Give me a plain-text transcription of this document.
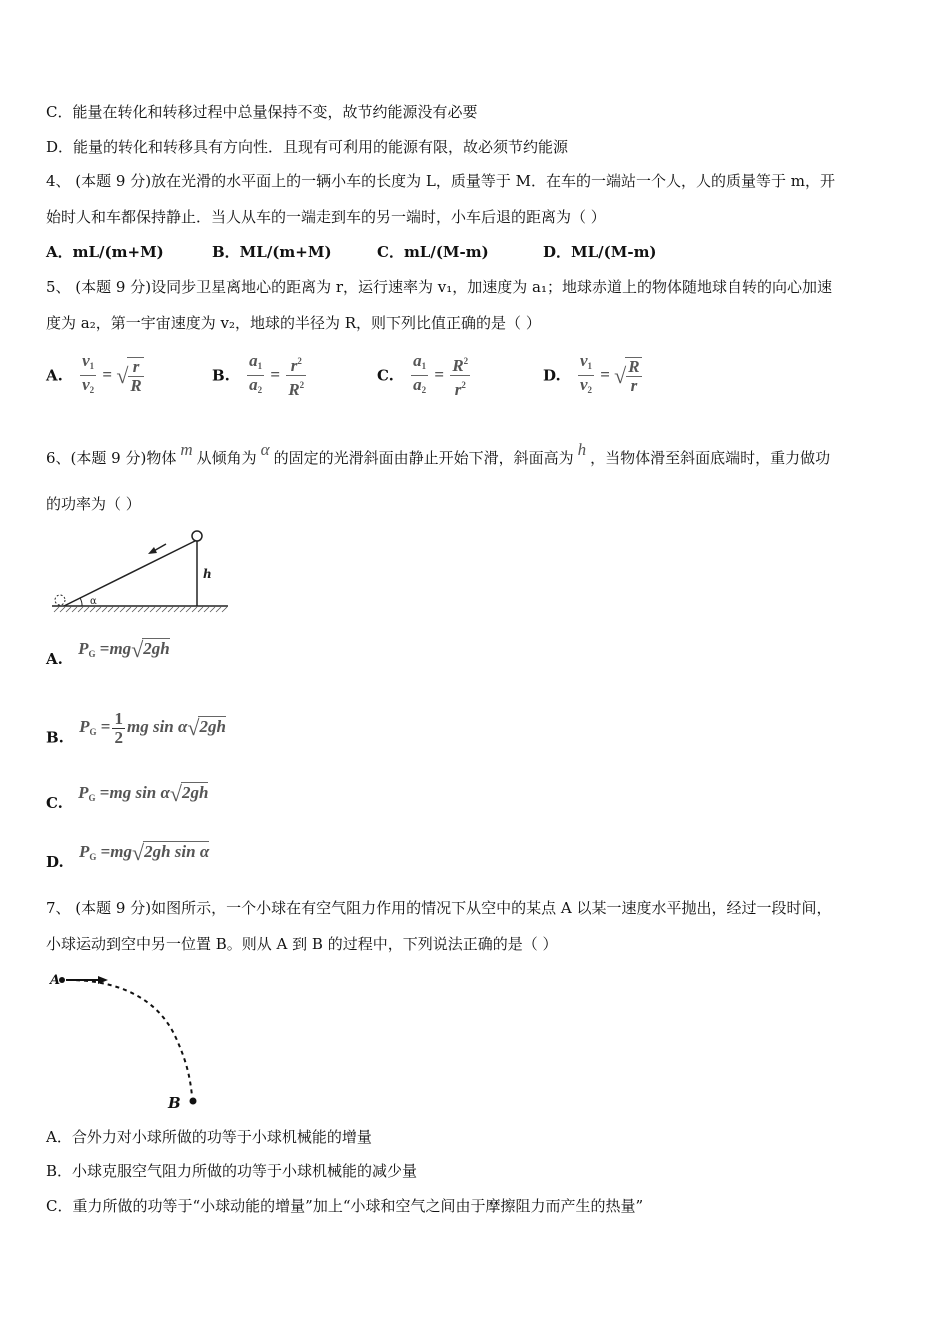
C．能量在转化和转移过程中总量保持不变，故节约能源没有必要
D．能量的转化和转移具有方向性．且现有可利用的能源有限，故必须节约能源
4、 (本题 9 分)放在光滑的水平面上的一辆小车的长度为 L，质量等于 M．在车的一端站一个人，人的质量等于 m，开
始时人和车都保持静止．当人从车的一端走到车的另一端时，小车后退的距离为（ ）
A．mL/(m+M)	B．ML/(m+M)	C．mL/(M-m)	D．ML/(M-m)
5、 (本题 9 分)设同步卫星离地心的距离为 r，运行速率为 v₁，加速度为 a₁；地球赤道上的物体随地球自转的向心加速
度为 a₂，第一宇宙速度为 v₂，地球的半径为 R，则下列比值正确的是（ ）
A. $\frac{v_1}{v_2}$ = √ $\frac{r}{R}$	B. $\frac{a_1}{a_2} = \frac{r^2}{R^2}$	C. $\frac{a_1}{a_2} = \frac{R^2}{r^2}$	D. $\frac{v_1}{v_2}$ = √ $\frac{R}{r}$
6、(本题 9 分)物体 m 从倾角为 α 的固定的光滑斜面由静止开始下滑，斜面高为 h ，当物体滑至斜面底端时，重力做功
的功率为（ ）
α
h
A. $P_G =mg√2gh$
B. $P_G = \frac{1}{2}$ mg sin α√2gh
C. $P_G =mg$ sin α√2gh
D. $P_G =mg√2gh$ sin α
7、 (本题 9 分)如图所示，一个小球在有空气阻力作用的情况下从空中的某点 A 以某一速度水平抛出，经过一段时间，
小球运动到空中另一位置 B。则从 A 到 B 的过程中，下列说法正确的是（ ）
A
B
A．合外力对小球所做的功等于小球机械能的增量
B．小球克服空气阻力所做的功等于小球机械能的减少量
C．重力所做的功等于“小球动能的增量”加上“小球和空气之间由于摩擦阻力而产生的热量”
